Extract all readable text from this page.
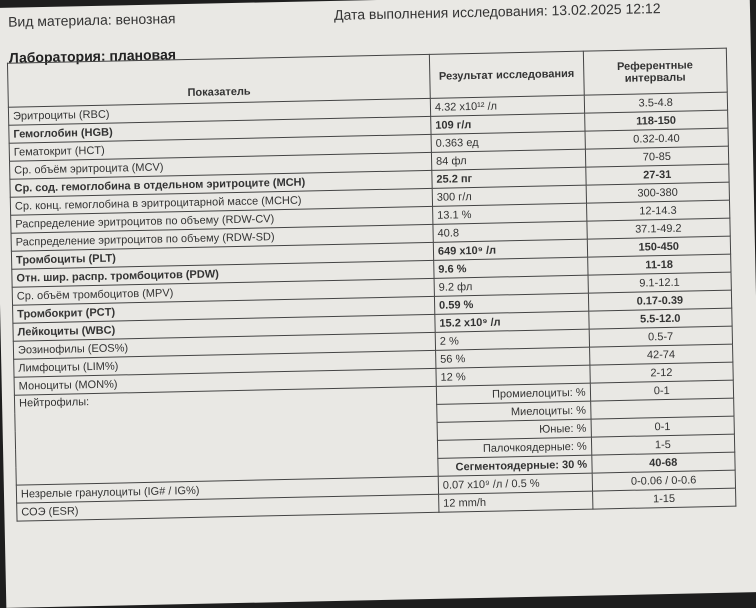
Вид материала: венозная	Дата выполнения исследования: 13.02.2025 12:12
Лаборатория: плановая
Показатель	Результат исследования	Референтные интервалы
Эритроциты (RBC)	4.32 x10¹² /л	3.5-4.8
Гемоглобин (HGB)	109 г/л	118-150
Гематокрит (HCT)	0.363 ед	0.32-0.40
Ср. объём эритроцита (MCV)	84 фл	70-85
Ср. сод. гемоглобина в отдельном эритроците (MCH)	25.2 пг	27-31
Ср. конц. гемоглобина в эритроцитарной массе (MCHC)	300 г/л	300-380
Распределение эритроцитов по объему (RDW-CV)	13.1 %	12-14.3
Распределение эритроцитов по объему (RDW-SD)	40.8	37.1-49.2
Тромбоциты (PLT)	649 x10⁹ /л	150-450
Отн. шир. распр. тромбоцитов (PDW)	9.6 %	11-18
Ср. объём тромбоцитов (MPV)	9.2 фл	9.1-12.1
Тромбокрит (PCT)	0.59 %	0.17-0.39
Лейкоциты (WBC)	15.2 x10⁹ /л	5.5-12.0
Эозинофилы (EOS%)	2 %	0.5-7
Лимфоциты (LIM%)	56 %	42-74
Моноциты (MON%)	12 %	2-12
Нейтрофилы:	Промиелоциты: %	0-1
	Миелоциты: %	
	Юные: %	0-1
	Палочкоядерные: %	1-5
	Сегментоядерные: 30 %	40-68
Незрелые гранулоциты (IG# / IG%)	0.07 x10⁹ /л / 0.5 %	0-0.06 / 0-0.6
СОЭ (ESR)	12 mm/h	1-15
